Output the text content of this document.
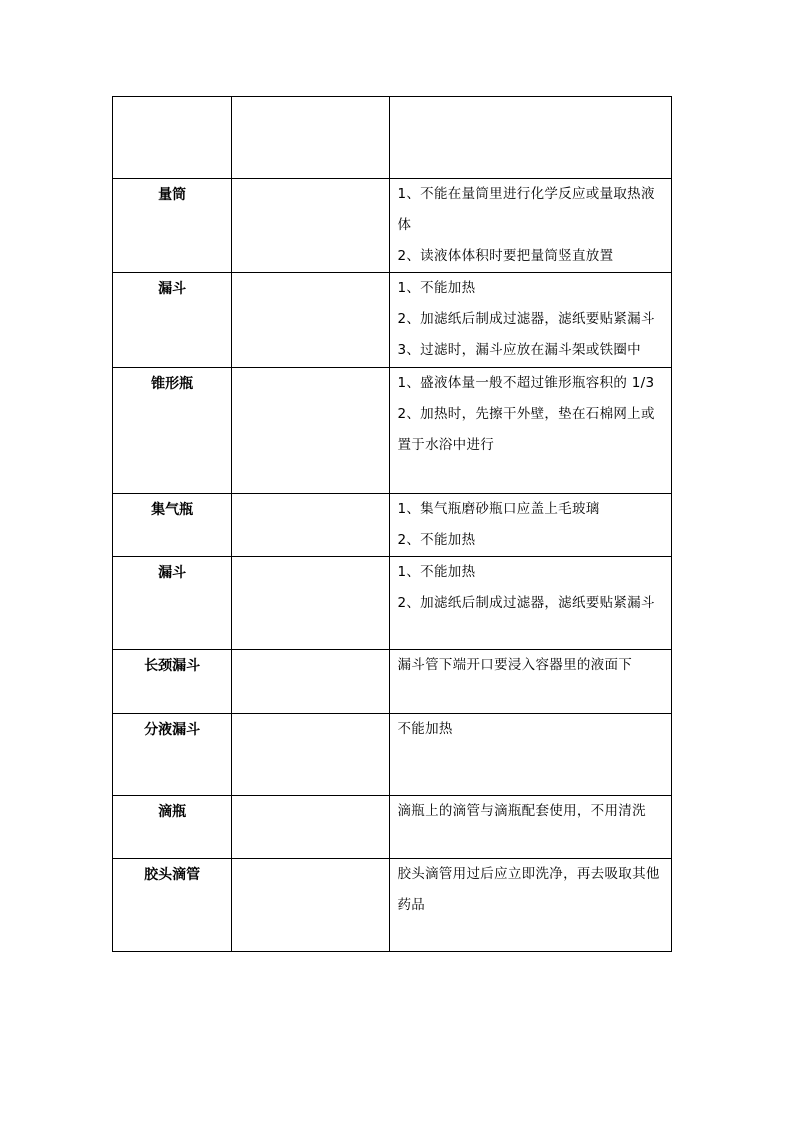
量筒		1、不能在量筒里进行化学反应或量取热液体
2、读液体体积时要把量筒竖直放置

漏斗		1、不能加热
2、加滤纸后制成过滤器，滤纸要贴紧漏斗
3、过滤时，漏斗应放在漏斗架或铁圈中

锥形瓶		1、盛液体量一般不超过锥形瓶容积的 1/3
2、加热时，先擦干外壁，垫在石棉网上或置于水浴中进行

集气瓶		1、集气瓶磨砂瓶口应盖上毛玻璃
2、不能加热

漏斗		1、不能加热
2、加滤纸后制成过滤器，滤纸要贴紧漏斗

长颈漏斗		漏斗管下端开口要浸入容器里的液面下

分液漏斗		不能加热

滴瓶		滴瓶上的滴管与滴瓶配套使用，不用清洗

胶头滴管		胶头滴管用过后应立即洗净，再去吸取其他药品
